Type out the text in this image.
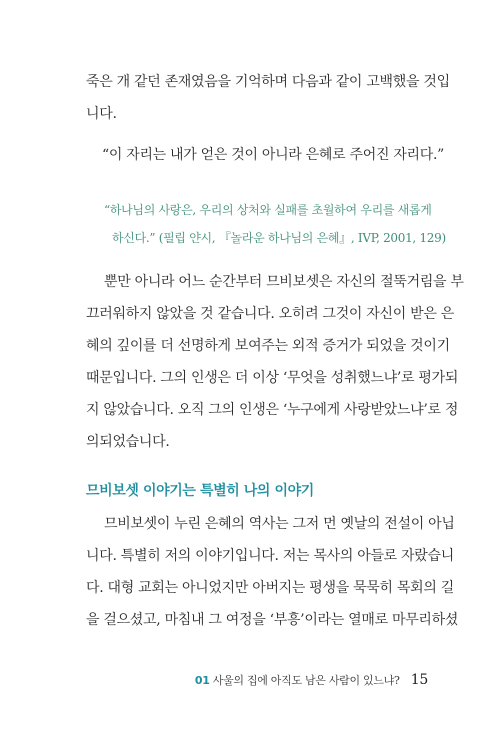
죽은 개 같던 존재였음을 기억하며 다음과 같이 고백했을 것입
니다.

“이 자리는 내가 얻은 것이 아니라 은혜로 주어진 자리다.”

“하나님의 사랑은, 우리의 상처와 실패를 초월하여 우리를 새롭게
하신다.” (필립 얀시, 『놀라운 하나님의 은혜』, IVP, 2001, 129)

뿐만 아니라 어느 순간부터 므비보셋은 자신의 절뚝거림을 부
끄러워하지 않았을 것 같습니다. 오히려 그것이 자신이 받은 은
혜의 깊이를 더 선명하게 보여주는 외적 증거가 되었을 것이기
때문입니다. 그의 인생은 더 이상 ‘무엇을 성취했느냐’로 평가되
지 않았습니다. 오직 그의 인생은 ‘누구에게 사랑받았느냐’로 정
의되었습니다.

므비보셋 이야기는 특별히 나의 이야기

므비보셋이 누린 은혜의 역사는 그저 먼 옛날의 전설이 아닙
니다. 특별히 저의 이야기입니다. 저는 목사의 아들로 자랐습니
다. 대형 교회는 아니었지만 아버지는 평생을 묵묵히 목회의 길
을 걸으셨고, 마침내 그 여정을 ‘부흥’이라는 열매로 마무리하셨

01 사울의 집에 아직도 남은 사람이 있느냐? 15
